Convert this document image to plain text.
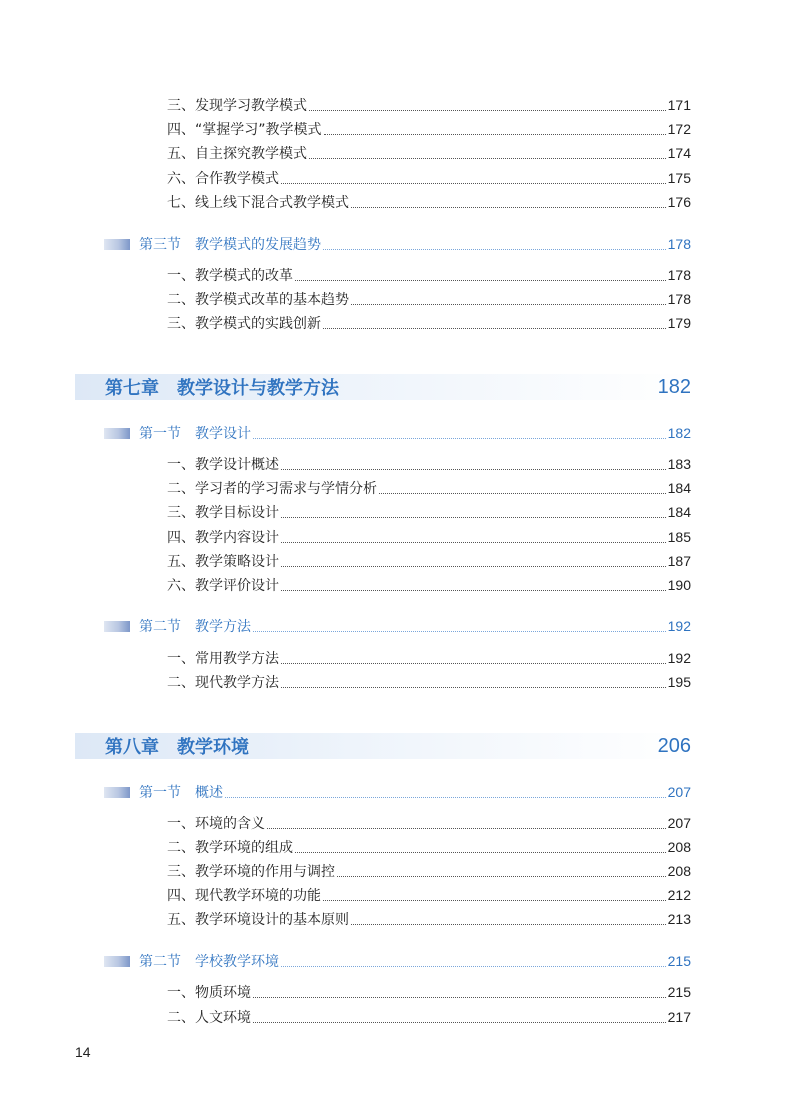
三、发现学习教学模式	171
四、“掌握学习”教学模式	172
五、自主探究教学模式	174
六、合作教学模式	175
七、线上线下混合式教学模式	176
第三节 教学模式的发展趋势	178
一、教学模式的改革	178
二、教学模式改革的基本趋势	178
三、教学模式的实践创新	179
第七章 教学设计与教学方法	182
第一节 教学设计	182
一、教学设计概述	183
二、学习者的学习需求与学情分析	184
三、教学目标设计	184
四、教学内容设计	185
五、教学策略设计	187
六、教学评价设计	190
第二节 教学方法	192
一、常用教学方法	192
二、现代教学方法	195
第八章 教学环境	206
第一节 概述	207
一、环境的含义	207
二、教学环境的组成	208
三、教学环境的作用与调控	208
四、现代教学环境的功能	212
五、教学环境设计的基本原则	213
第二节 学校教学环境	215
一、物质环境	215
二、人文环境	217
14
